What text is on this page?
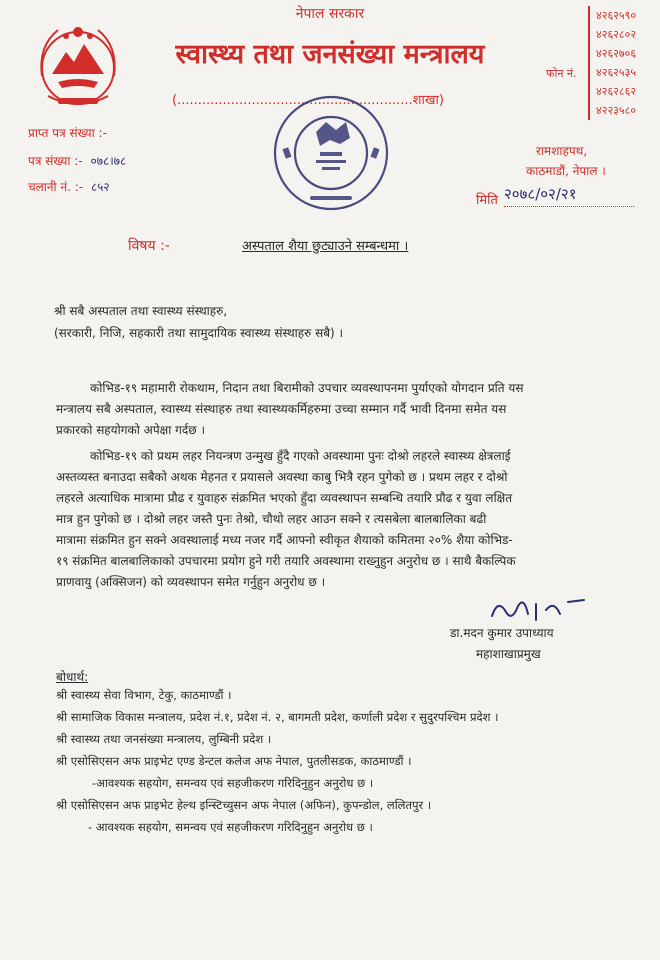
नेपाल सरकार
स्वास्थ्य तथा जनसंख्या मन्त्रालय
(.........................................................शाखा)
फोन नं.
४२६२५९०
४२६२८०२
४२६२७०६
४२६२५३५
४२६२८६२
४२२३५८०
प्राप्त पत्र संख्या :-
पत्र संख्या :- ०७८।७८
चलानी नं. :- ८५२
रामशाहपथ,
काठमाडौं, नेपाल ।
मिति २०७८/०२/२१
विषय :-	अस्पताल शैया छुट्याउने सम्बन्धमा ।
श्री सबै अस्पताल तथा स्वास्थ्य संस्थाहरु,
(सरकारी, निजि, सहकारी तथा सामुदायिक स्वास्थ्य संस्थाहरु सबै) ।
कोभिड-१९ महामारी रोकथाम, निदान तथा बिरामीको उपचार व्यवस्थापनमा पुर्याएको योगदान प्रति यस
मन्त्रालय सबै अस्पताल, स्वास्थ्य संस्थाहरु तथा स्वास्थ्यकर्मिहरुमा उच्चा सम्मान गर्दै भावी दिनमा समेत यस
प्रकारको सहयोगको अपेक्षा गर्दछ ।
कोभिड-१९ को प्रथम लहर नियन्त्रण उन्मुख हुँदै गएको अवस्थामा पुनः दोश्रो लहरले स्वास्थ्य क्षेत्रलाई
अस्तव्यस्त बनाउदा सबैको अथक मेहनत र प्रयासले अवस्था काबु भित्रै रहन पुगेको छ । प्रथम लहर र दोश्रो
लहरले अत्याधिक मात्रामा प्रौढ र युवाहरु संक्रमित भएको हुँदा व्यवस्थापन सम्बन्धि तयारि प्रौढ र युवा लक्षित
मात्र हुन पुगेको छ । दोश्रो लहर जस्तै पुनः तेश्रो, चौथो लहर आउन सक्ने र त्यसबेला बालबालिका बढी
मात्रामा संक्रमित हुन सक्ने अवस्थालाई मध्य नजर गर्दै आफ्नो स्वीकृत शैयाको कमितमा २०% शैया कोभिड-
१९ संक्रमित बालबालिकाको उपचारमा प्रयोग हुने गरी तयारि अवस्थामा राख्नुहुन अनुरोध छ । साथै बैकल्पिक
प्राणवायु (अक्सिजन) को व्यवस्थापन समेत गर्नुहुन अनुरोध छ ।
डा.मदन कुमार उपाध्याय
महाशाखाप्रमुख
बोधार्थ:
श्री स्वास्थ्य सेवा विभाग, टेकु, काठमाण्डौं ।
श्री सामाजिक विकास मन्त्रालय, प्रदेश नं.१, प्रदेश नं. २, बागमती प्रदेश, कर्णाली प्रदेश र सुदुरपश्चिम प्रदेश ।
श्री स्वास्थ्य तथा जनसंख्या मन्त्रालय, लुम्बिनी प्रदेश ।
श्री एसोसिएसन अफ प्राइभेट एण्ड डेन्टल कलेज अफ नेपाल, पुतलीसडक, काठमाण्डौं ।
-आवश्यक सहयोग, समन्वय एवं सहजीकरण गरिदिनुहुन अनुरोध छ ।
श्री एसोसिएसन अफ प्राइभेट हेल्थ इन्स्टिच्युसन अफ नेपाल (अफिन), कुपन्डोल, ललितपुर ।
- आवश्यक सहयोग, समन्वय एवं सहजीकरण गरिदिनुहुन अनुरोध छ ।
